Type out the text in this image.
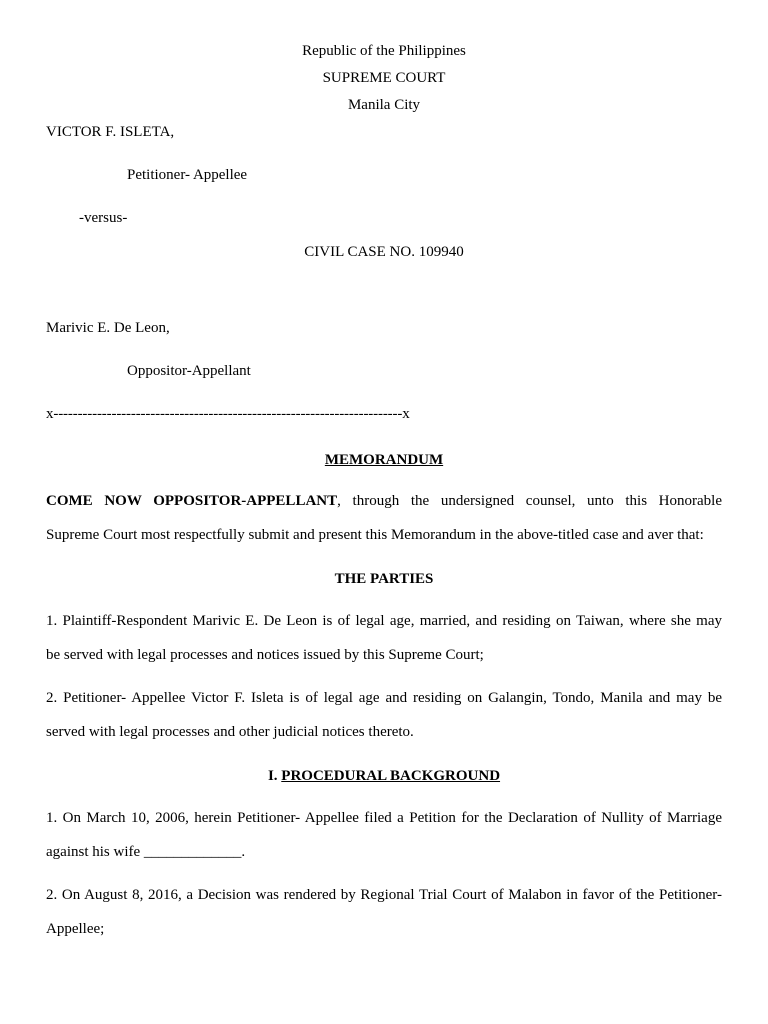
Republic of the Philippines
SUPREME COURT
Manila City
VICTOR F. ISLETA,
Petitioner- Appellee
-versus-
CIVIL CASE NO. 109940
Marivic E. De Leon,
Oppositor-Appellant
x------------------------------------------------------------------------x
MEMORANDUM
COME NOW OPPOSITOR-APPELLANT, through the undersigned counsel, unto this Honorable
Supreme Court most respectfully submit and present this Memorandum in the above-titled case and aver that:
THE PARTIES
1. Plaintiff-Respondent Marivic E. De Leon is of legal age, married, and residing on Taiwan, where she may
be served with legal processes and notices issued by this Supreme Court;
2. Petitioner- Appellee Victor F. Isleta is of legal age and residing on Galangin, Tondo, Manila and may be
served with legal processes and other judicial notices thereto.
I. PROCEDURAL BACKGROUND
1. On March 10, 2006, herein Petitioner- Appellee filed a Petition for the Declaration of Nullity of Marriage
against his wife _____________.
2. On August 8, 2016, a Decision was rendered by Regional Trial Court of Malabon in favor of the Petitioner-
Appellee;
